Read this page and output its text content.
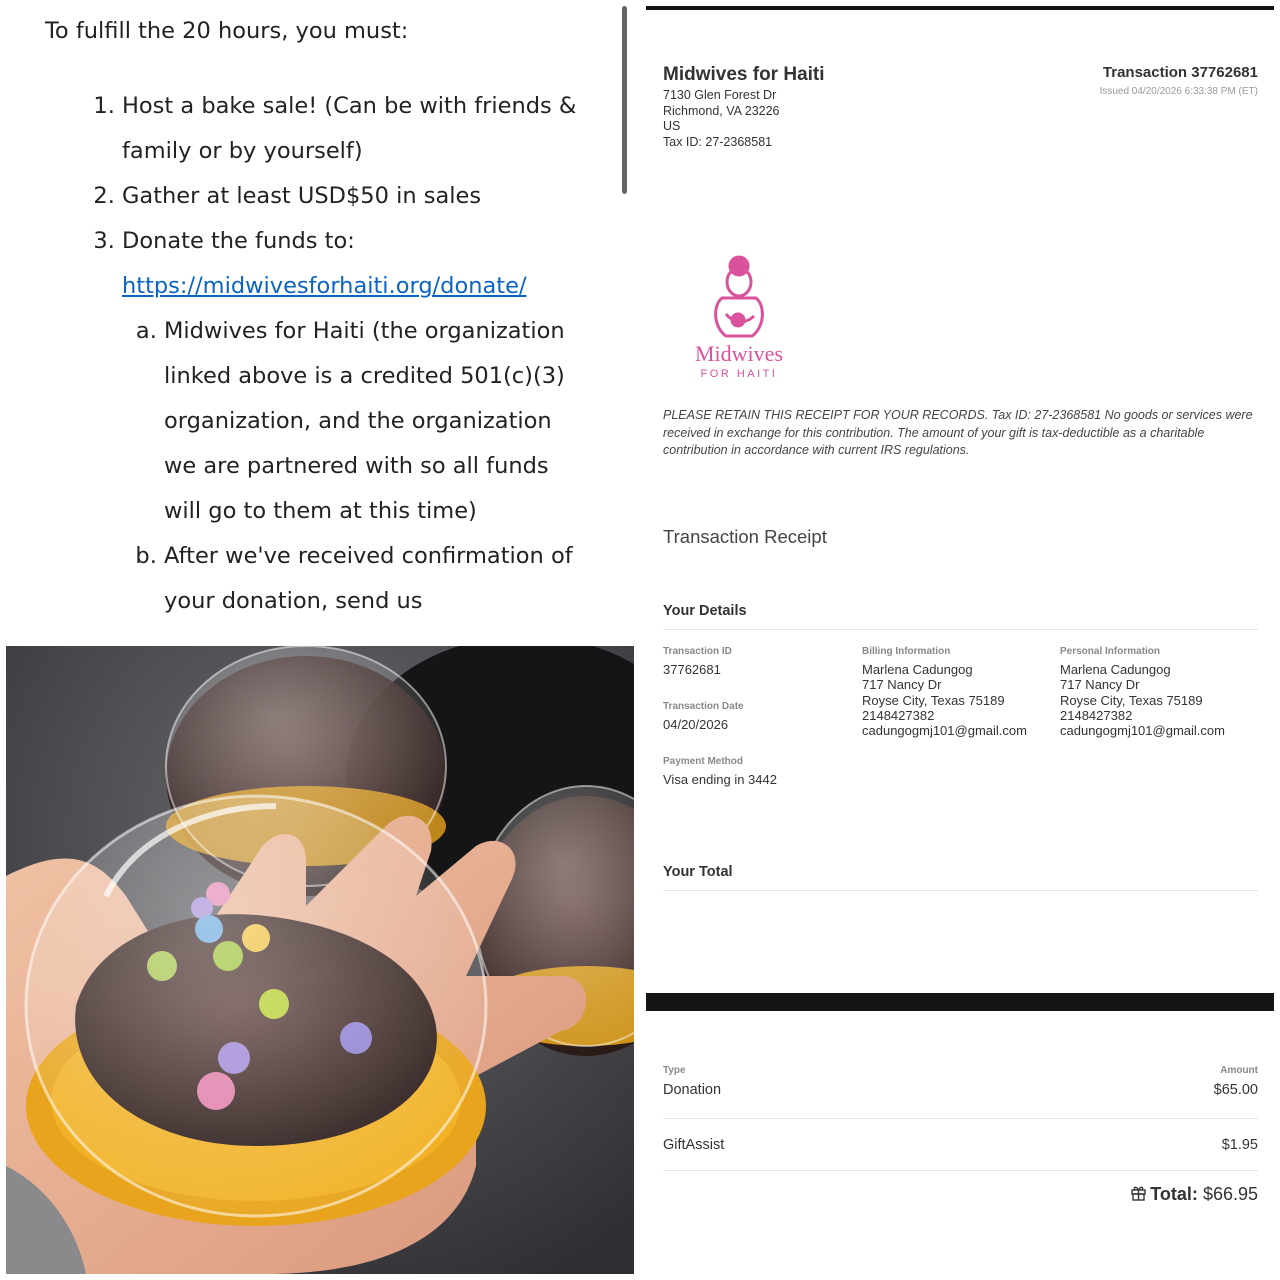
To fulfill the 20 hours, you must:

1. Host a bake sale! (Can be with friends & family or by yourself)
2. Gather at least USD$50 in sales
3. Donate the funds to:
https://midwivesforhaiti.org/donate/
a. Midwives for Haiti (the organization linked above is a credited 501(c)(3) organization, and the organization we are partnered with so all funds will go to them at this time)
b. After we've received confirmation of your donation, send us
Midwives for Haiti
7130 Glen Forest Dr
Richmond, VA 23226
US
Tax ID: 27-2368581
Transaction 37762681
Issued 04/20/2026 6:33:38 PM (ET)
Midwives
FOR HAITI

PLEASE RETAIN THIS RECEIPT FOR YOUR RECORDS. Tax ID: 27-2368581 No goods or services were received in exchange for this contribution. The amount of your gift is tax-deductible as a charitable contribution in accordance with current IRS regulations.

Transaction Receipt
Your Details
Transaction ID
37762681
Transaction Date
04/20/2026
Payment Method
Visa ending in 3442
Billing Information
Marlena Cadungog
717 Nancy Dr
Royse City, Texas 75189
2148427382
cadungogmj101@gmail.com
Personal Information
Marlena Cadungog
717 Nancy Dr
Royse City, Texas 75189
2148427382
cadungogmj101@gmail.com
Your Total
Type	Amount
Donation	$65.00
GiftAssist	$1.95
Total: $66.95
